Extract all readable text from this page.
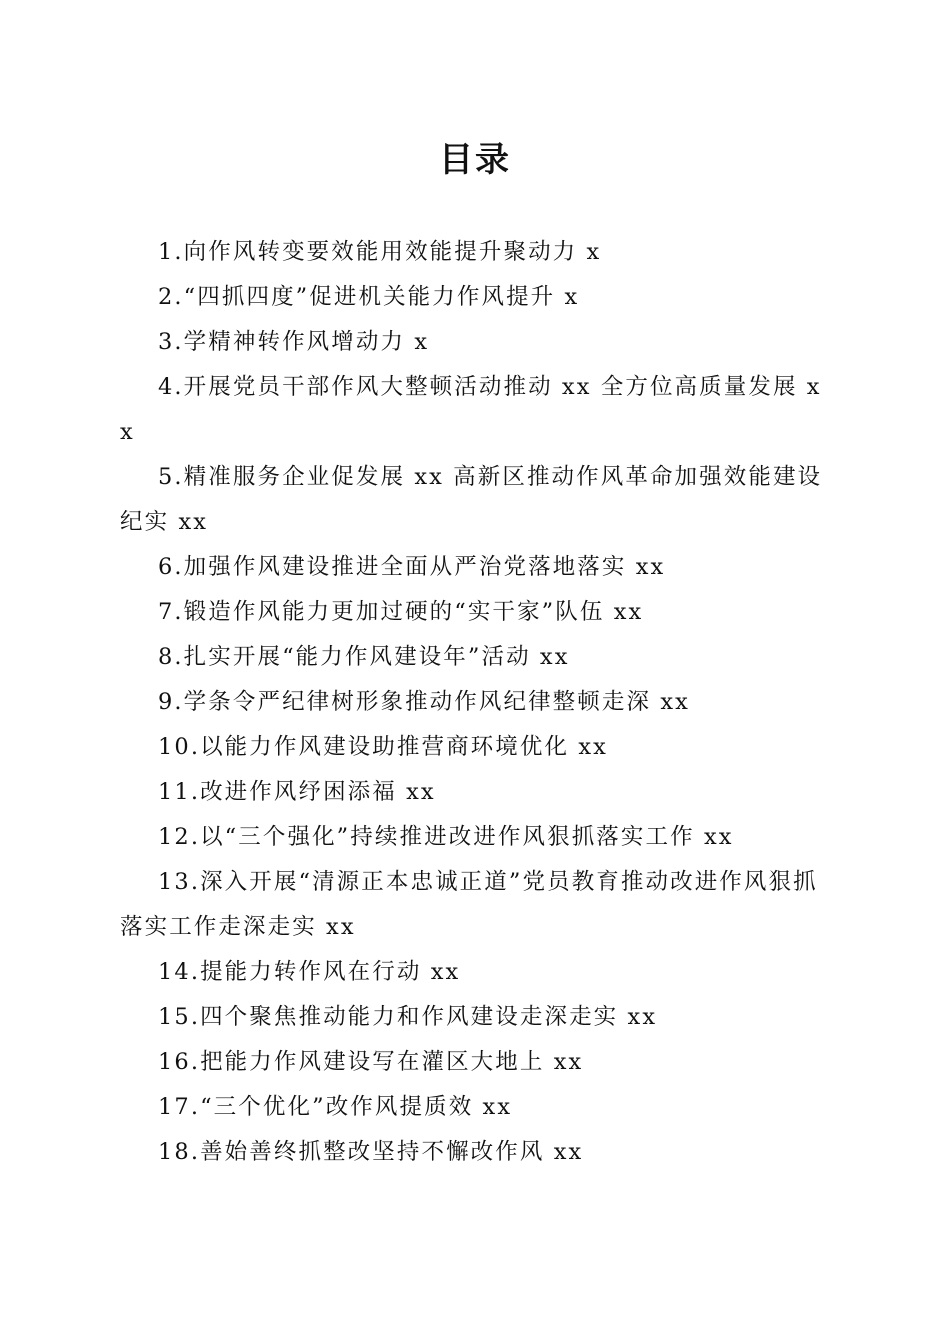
目录

1.向作风转变要效能用效能提升聚动力 x

2.“四抓四度”促进机关能力作风提升 x

3.学精神转作风增动力 x

4.开展党员干部作风大整顿活动推动 xx 全方位高质量发展 xx

5.精准服务企业促发展 xx 高新区推动作风革命加强效能建设纪实 xx

6.加强作风建设推进全面从严治党落地落实 xx

7.锻造作风能力更加过硬的“实干家”队伍 xx

8.扎实开展“能力作风建设年”活动 xx

9.学条令严纪律树形象推动作风纪律整顿走深 xx

10.以能力作风建设助推营商环境优化 xx

11.改进作风纾困添福 xx

12.以“三个强化”持续推进改进作风狠抓落实工作 xx

13.深入开展“清源正本忠诚正道”党员教育推动改进作风狠抓落实工作走深走实 xx

14.提能力转作风在行动 xx

15.四个聚焦推动能力和作风建设走深走实 xx

16.把能力作风建设写在灌区大地上 xx

17.“三个优化”改作风提质效 xx

18.善始善终抓整改坚持不懈改作风 xx
